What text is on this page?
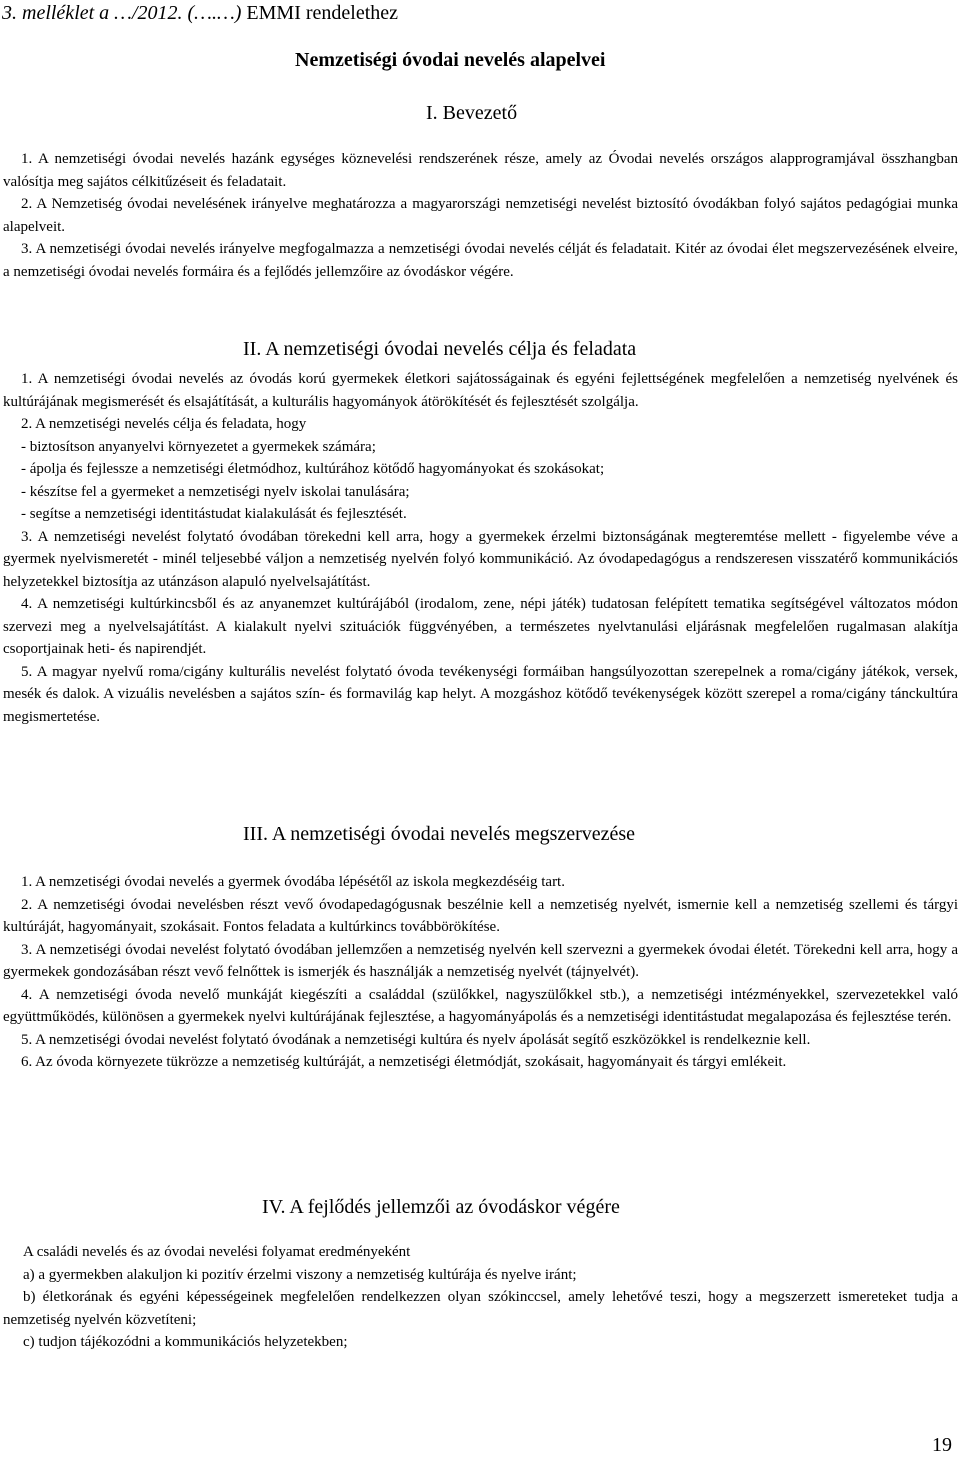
3. melléklet a …/2012. (….…) EMMI rendelethez
Nemzetiségi óvodai nevelés alapelvei
I. Bevezető

1. A nemzetiségi óvodai nevelés hazánk egységes köznevelési rendszerének része, amely az Óvodai nevelés országos alapprogramjával összhangban valósítja meg sajátos célkitűzéseit és feladatait.

2. A Nemzetiség óvodai nevelésének irányelve meghatározza a magyarországi nemzetiségi nevelést biztosító óvodákban folyó sajátos pedagógiai munka alapelveit.

3. A nemzetiségi óvodai nevelés irányelve megfogalmazza a nemzetiségi óvodai nevelés célját és feladatait. Kitér az óvodai élet megszervezésének elveire, a nemzetiségi óvodai nevelés formáira és a fejlődés jellemzőire az óvodáskor végére.

II. A nemzetiségi óvodai nevelés célja és feladata

1. A nemzetiségi óvodai nevelés az óvodás korú gyermekek életkori sajátosságainak és egyéni fejlettségének megfelelően a nemzetiség nyelvének és kultúrájának megismerését és elsajátítását, a kulturális hagyományok átörökítését és fejlesztését szolgálja.

2. A nemzetiségi nevelés célja és feladata, hogy

- biztosítson anyanyelvi környezetet a gyermekek számára;

- ápolja és fejlessze a nemzetiségi életmódhoz, kultúrához kötődő hagyományokat és szokásokat;

- készítse fel a gyermeket a nemzetiségi nyelv iskolai tanulására;

- segítse a nemzetiségi identitástudat kialakulását és fejlesztését.

3. A nemzetiségi nevelést folytató óvodában törekedni kell arra, hogy a gyermekek érzelmi biztonságának megteremtése mellett - figyelembe véve a gyermek nyelvismeretét - minél teljesebbé váljon a nemzetiség nyelvén folyó kommunikáció. Az óvodapedagógus a rendszeresen visszatérő kommunikációs helyzetekkel biztosítja az utánzáson alapuló nyelvelsajátítást.

4. A nemzetiségi kultúrkincsből és az anyanemzet kultúrájából (irodalom, zene, népi játék) tudatosan felépített tematika segítségével változatos módon szervezi meg a nyelvelsajátítást. A kialakult nyelvi szituációk függvényében, a természetes nyelvtanulási eljárásnak megfelelően rugalmasan alakítja csoportjainak heti- és napirendjét.

5. A magyar nyelvű roma/cigány kulturális nevelést folytató óvoda tevékenységi formáiban hangsúlyozottan szerepelnek a roma/cigány játékok, versek, mesék és dalok. A vizuális nevelésben a sajátos szín- és formavilág kap helyt. A mozgáshoz kötődő tevékenységek között szerepel a roma/cigány tánckultúra megismertetése.

III. A nemzetiségi óvodai nevelés megszervezése

1. A nemzetiségi óvodai nevelés a gyermek óvodába lépésétől az iskola megkezdéséig tart.

2. A nemzetiségi óvodai nevelésben részt vevő óvodapedagógusnak beszélnie kell a nemzetiség nyelvét, ismernie kell a nemzetiség szellemi és tárgyi kultúráját, hagyományait, szokásait. Fontos feladata a kultúrkincs továbbörökítése.

3. A nemzetiségi óvodai nevelést folytató óvodában jellemzően a nemzetiség nyelvén kell szervezni a gyermekek óvodai életét. Törekedni kell arra, hogy a gyermekek gondozásában részt vevő felnőttek is ismerjék és használják a nemzetiség nyelvét (tájnyelvét).

4. A nemzetiségi óvoda nevelő munkáját kiegészíti a családdal (szülőkkel, nagyszülőkkel stb.), a nemzetiségi intézményekkel, szervezetekkel való együttműködés, különösen a gyermekek nyelvi kultúrájának fejlesztése, a hagyományápolás és a nemzetiségi identitástudat megalapozása és fejlesztése terén.

5. A nemzetiségi óvodai nevelést folytató óvodának a nemzetiségi kultúra és nyelv ápolását segítő eszközökkel is rendelkeznie kell.

6. Az óvoda környezete tükrözze a nemzetiség kultúráját, a nemzetiségi életmódját, szokásait, hagyományait és tárgyi emlékeit.

IV. A fejlődés jellemzői az óvodáskor végére

A családi nevelés és az óvodai nevelési folyamat eredményeként

a) a gyermekben alakuljon ki pozitív érzelmi viszony a nemzetiség kultúrája és nyelve iránt;

b) életkorának és egyéni képességeinek megfelelően rendelkezzen olyan szókinccsel, amely lehetővé teszi, hogy a megszerzett ismereteket tudja a nemzetiség nyelvén közvetíteni;

c) tudjon tájékozódni a kommunikációs helyzetekben;

19
